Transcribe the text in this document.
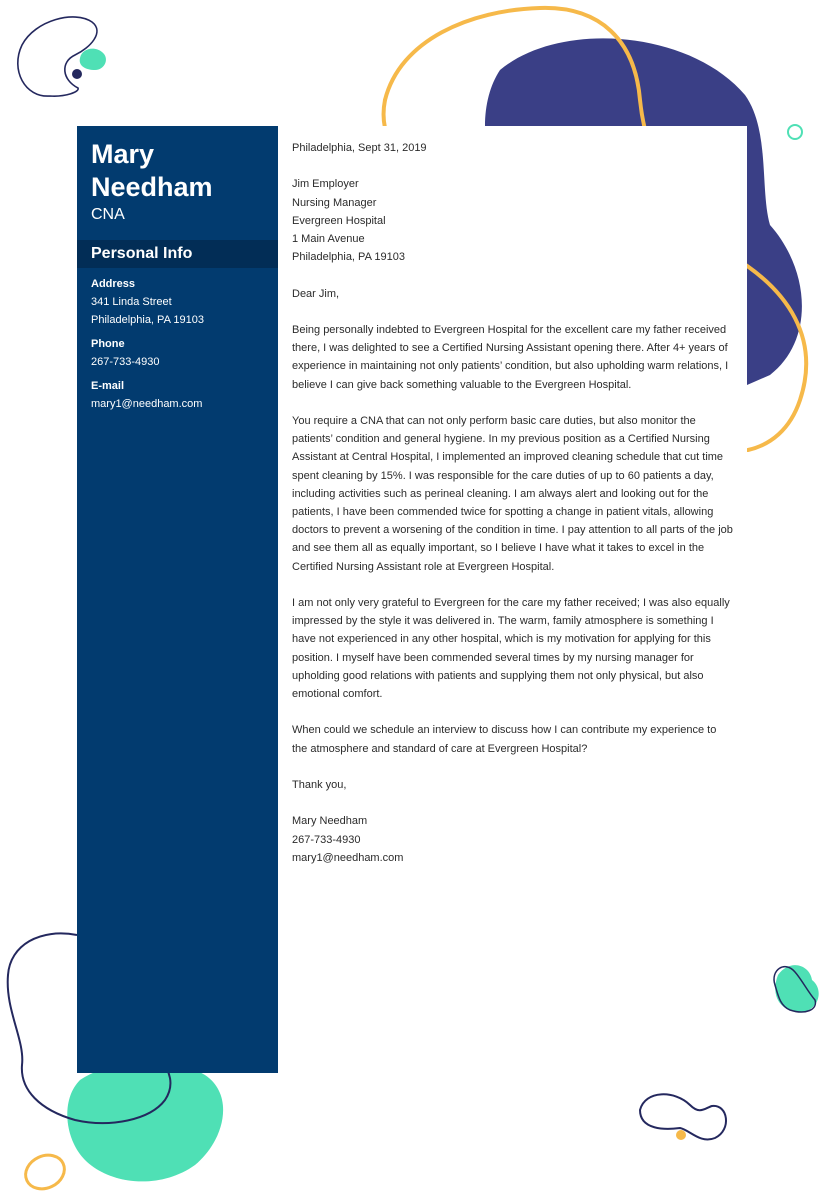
Mary
Needham
CNA
Personal Info
Address
341 Linda Street
Philadelphia, PA 19103
Phone
267-733-4930
E-mail
mary1@needham.com

Philadelphia, Sept 31, 2019

Jim Employer
Nursing Manager
Evergreen Hospital
1 Main Avenue
Philadelphia, PA 19103

Dear Jim,

Being personally indebted to Evergreen Hospital for the excellent care my father received there, I was delighted to see a Certified Nursing Assistant opening there. After 4+ years of experience in maintaining not only patients’ condition, but also upholding warm relations, I believe I can give back something valuable to the Evergreen Hospital.

You require a CNA that can not only perform basic care duties, but also monitor the patients’ condition and general hygiene. In my previous position as a Certified Nursing Assistant at Central Hospital, I implemented an improved cleaning schedule that cut time spent cleaning by 15%. I was responsible for the care duties of up to 60 patients a day, including activities such as perineal cleaning. I am always alert and looking out for the patients, I have been commended twice for spotting a change in patient vitals, allowing doctors to prevent a worsening of the condition in time. I pay attention to all parts of the job and see them all as equally important, so I believe I have what it takes to excel in the Certified Nursing Assistant role at Evergreen Hospital.

I am not only very grateful to Evergreen for the care my father received; I was also equally impressed by the style it was delivered in. The warm, family atmosphere is something I have not experienced in any other hospital, which is my motivation for applying for this position. I myself have been commended several times by my nursing manager for upholding good relations with patients and supplying them not only physical, but also emotional comfort.

When could we schedule an interview to discuss how I can contribute my experience to the atmosphere and standard of care at Evergreen Hospital?

Thank you,

Mary Needham
267-733-4930
mary1@needham.com
